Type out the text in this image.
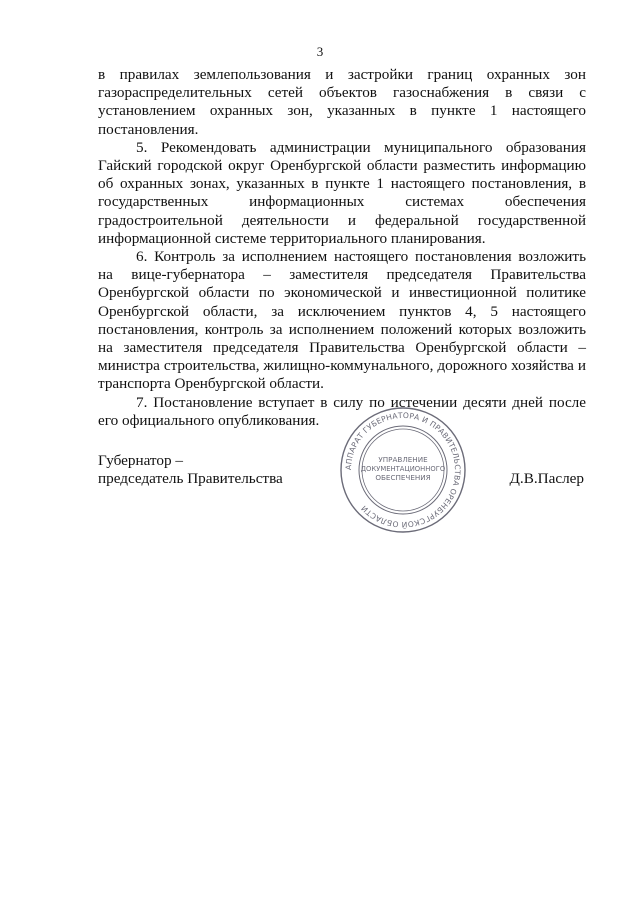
3

в правилах землепользования и застройки границ охранных зон газораспределительных сетей объектов газоснабжения в связи с установлением охранных зон, указанных в пункте 1 настоящего постановления.

5. Рекомендовать администрации муниципального образования Гайский городской округ Оренбургской области разместить информацию об охранных зонах, указанных в пункте 1 настоящего постановления, в государственных информационных системах обеспечения градостроительной деятельности и федеральной государственной информационной системе территориального планирования.

6. Контроль за исполнением настоящего постановления возложить на вице-губернатора – заместителя председателя Правительства Оренбургской области по экономической и инвестиционной политике Оренбургской области, за исключением пунктов 4, 5 настоящего постановления, контроль за исполнением положений которых возложить на заместителя председателя Правительства Оренбургской области – министра строительства, жилищно-коммунального, дорожного хозяйства и транспорта Оренбургской области.

7. Постановление вступает в силу по истечении десяти дней после его официального опубликования.

АППАРАТ ГУБЕРНАТОРА И ПРАВИТЕЛЬСТВА ОРЕНБУРГСКОЙ ОБЛАСТИ
УПРАВЛЕНИЕ
ДОКУМЕНТАЦИОННОГО
ОБЕСПЕЧЕНИЯ
Губернатор –
председатель Правительства	Д.В.Паслер
